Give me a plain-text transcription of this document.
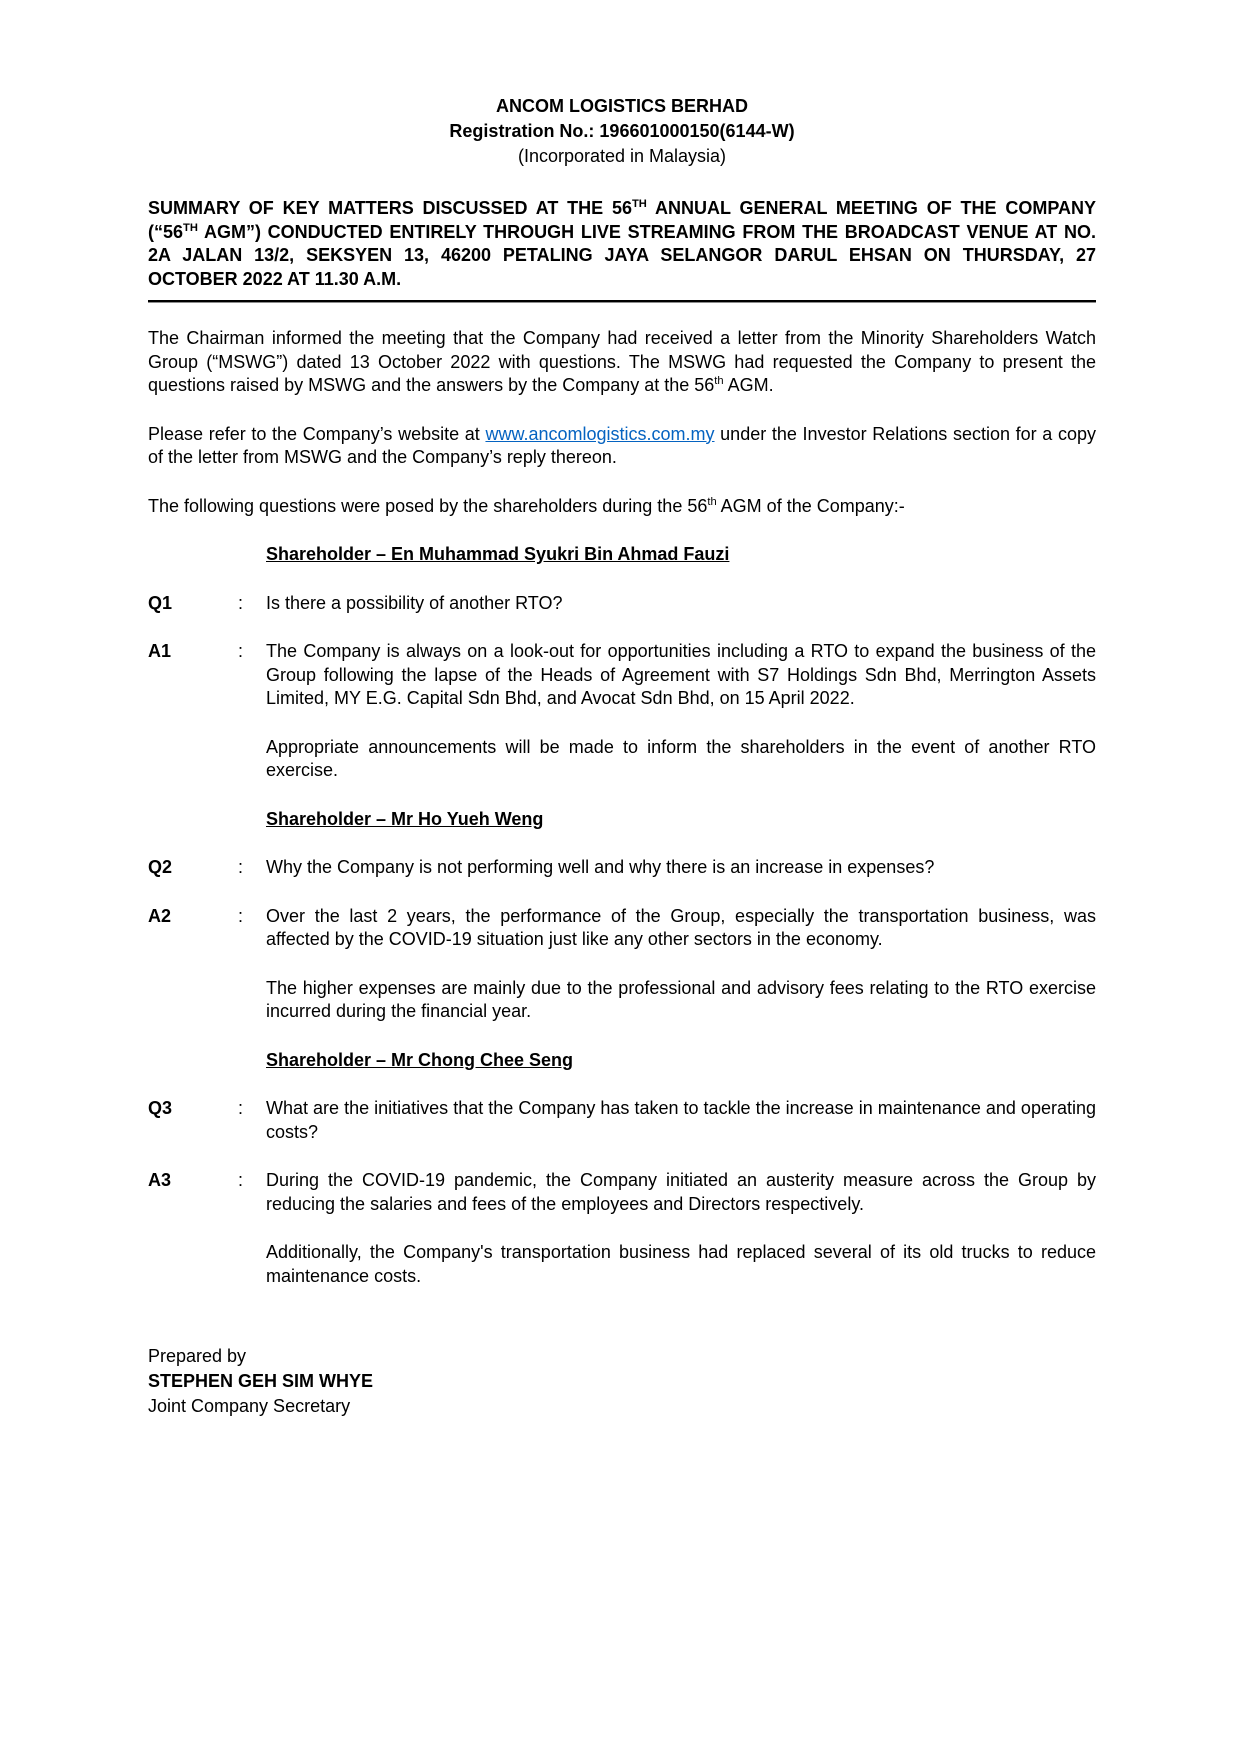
ANCOM LOGISTICS BERHAD
Registration No.: 196601000150(6144-W)
(Incorporated in Malaysia)
SUMMARY OF KEY MATTERS DISCUSSED AT THE 56TH ANNUAL GENERAL MEETING OF THE COMPANY (“56TH AGM”) CONDUCTED ENTIRELY THROUGH LIVE STREAMING FROM THE BROADCAST VENUE AT NO. 2A JALAN 13/2, SEKSYEN 13, 46200 PETALING JAYA SELANGOR DARUL EHSAN ON THURSDAY, 27 OCTOBER 2022 AT 11.30 A.M.

The Chairman informed the meeting that the Company had received a letter from the Minority Shareholders Watch Group (“MSWG”) dated 13 October 2022 with questions. The MSWG had requested the Company to present the questions raised by MSWG and the answers by the Company at the 56th AGM.

Please refer to the Company’s website at www.ancomlogistics.com.my under the Investor Relations section for a copy of the letter from MSWG and the Company’s reply thereon.

The following questions were posed by the shareholders during the 56th AGM of the Company:-

Shareholder – En Muhammad Syukri Bin Ahmad Fauzi
Q1	:	Is there a possibility of another RTO?

A1	:	The Company is always on a look-out for opportunities including a RTO to expand the business of the Group following the lapse of the Heads of Agreement with S7 Holdings Sdn Bhd, Merrington Assets Limited, MY E.G. Capital Sdn Bhd, and Avocat Sdn Bhd, on 15 April 2022.

Appropriate announcements will be made to inform the shareholders in the event of another RTO exercise.

Shareholder – Mr Ho Yueh Weng
Q2	:	Why the Company is not performing well and why there is an increase in expenses?

A2	:	Over the last 2 years, the performance of the Group, especially the transportation business, was affected by the COVID-19 situation just like any other sectors in the economy.

The higher expenses are mainly due to the professional and advisory fees relating to the RTO exercise incurred during the financial year.

Shareholder – Mr Chong Chee Seng
Q3	:	What are the initiatives that the Company has taken to tackle the increase in maintenance and operating costs?

A3	:	During the COVID-19 pandemic, the Company initiated an austerity measure across the Group by reducing the salaries and fees of the employees and Directors respectively.

Additionally, the Company's transportation business had replaced several of its old trucks to reduce maintenance costs.

Prepared by
STEPHEN GEH SIM WHYE
Joint Company Secretary
